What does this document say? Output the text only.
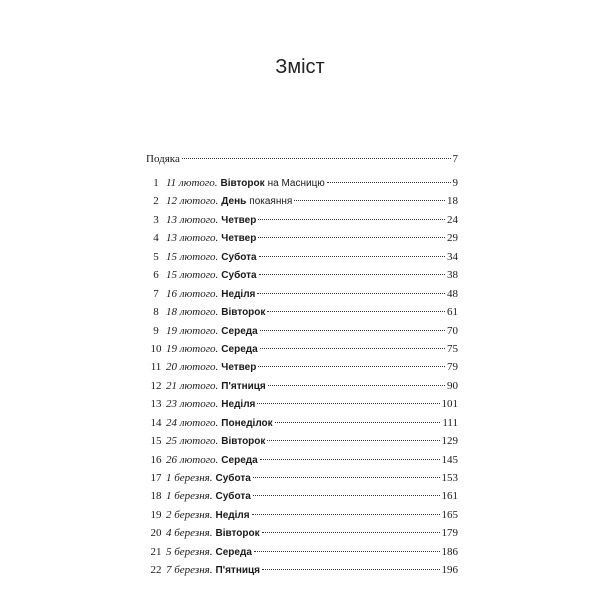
Зміст
Подяка	7
1 11 лютого. Вівторок на Масницю	9
2 12 лютого. День покаяння	18
3 13 лютого. Четвер	24
4 13 лютого. Четвер	29
5 15 лютого. Субота	34
6 15 лютого. Субота	38
7 16 лютого. Неділя	48
8 18 лютого. Вівторок	61
9 19 лютого. Середа	70
10 19 лютого. Середа	75
11 20 лютого. Четвер	79
12 21 лютого. П'ятниця	90
13 23 лютого. Неділя	101
14 24 лютого. Понеділок	111
15 25 лютого. Вівторок	129
16 26 лютого. Середа	145
17 1 березня. Субота	153
18 1 березня. Субота	161
19 2 березня. Неділя	165
20 4 березня. Вівторок	179
21 5 березня. Середа	186
22 7 березня. П'ятниця	196
